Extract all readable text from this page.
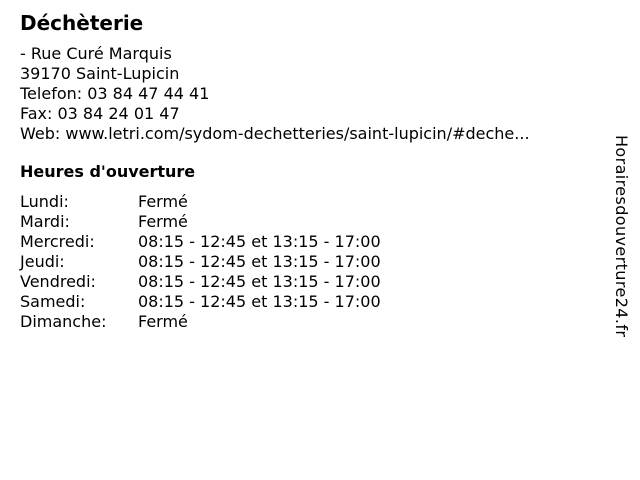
Déchèterie
- Rue Curé Marquis
39170 Saint-Lupicin
Telefon: 03 84 47 44 41
Fax: 03 84 24 01 47
Web: www.letri.com/sydom-dechetteries/saint-lupicin/#deche...
Heures d'ouverture
Lundi:	Fermé
Mardi:	Fermé
Mercredi:	08:15 - 12:45 et 13:15 - 17:00
Jeudi:	08:15 - 12:45 et 13:15 - 17:00
Vendredi:	08:15 - 12:45 et 13:15 - 17:00
Samedi:	08:15 - 12:45 et 13:15 - 17:00
Dimanche:	Fermé	Horairesdouverture24.fr
